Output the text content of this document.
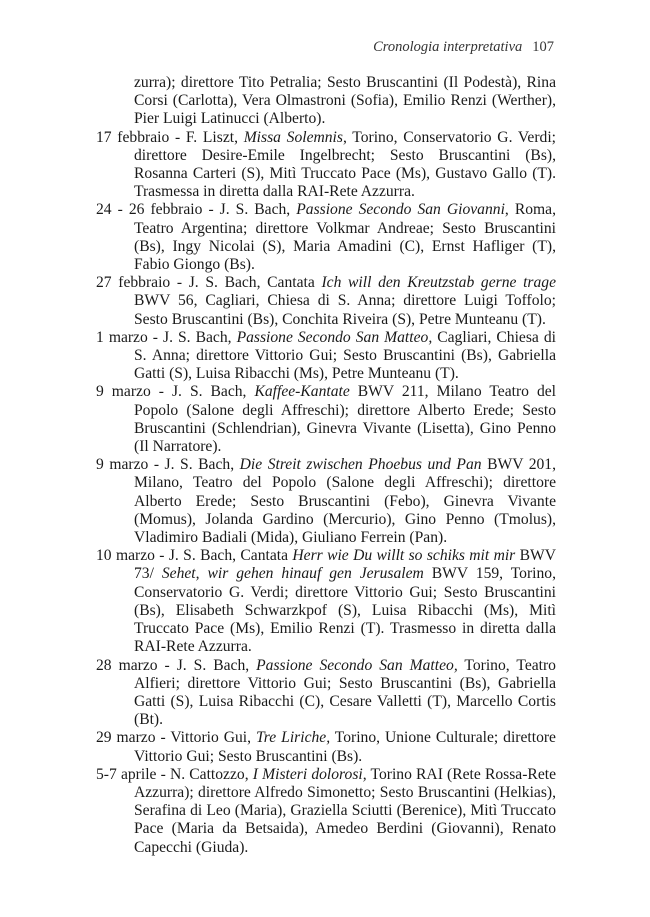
Cronologia interpretativa 107

zurra); direttore Tito Petralia; Sesto Bruscantini (Il Podestà), Rina Corsi (Carlotta), Vera Olmastroni (Sofia), Emilio Renzi (Werther), Pier Luigi Latinucci (Alberto).

17 febbraio - F. Liszt, Missa Solemnis, Torino, Conservatorio G. Verdi; direttore Desire-Emile Ingelbrecht; Sesto Bruscantini (Bs), Rosanna Carteri (S), Mitì Truccato Pace (Ms), Gustavo Gallo (T). Trasmessa in diretta dalla RAI-Rete Azzurra.

24 - 26 febbraio - J. S. Bach, Passione Secondo San Giovanni, Roma, Teatro Argentina; direttore Volkmar Andreae; Sesto Bruscantini (Bs), Ingy Nicolai (S), Maria Amadini (C), Ernst Hafliger (T), Fabio Giongo (Bs).

27 febbraio - J. S. Bach, Cantata Ich will den Kreutzstab gerne trage BWV 56, Cagliari, Chiesa di S. Anna; direttore Luigi Toffolo; Sesto Bruscantini (Bs), Conchita Riveira (S), Petre Munteanu (T).

1 marzo - J. S. Bach, Passione Secondo San Matteo, Cagliari, Chiesa di S. Anna; direttore Vittorio Gui; Sesto Bruscantini (Bs), Gabriella Gatti (S), Luisa Ribacchi (Ms), Petre Munteanu (T).

9 marzo - J. S. Bach, Kaffee-Kantate BWV 211, Milano Teatro del Popolo (Salone degli Affreschi); direttore Alberto Erede; Sesto Bruscantini (Schlendrian), Ginevra Vivante (Lisetta), Gino Penno (Il Narratore).

9 marzo - J. S. Bach, Die Streit zwischen Phoebus und Pan BWV 201, Milano, Teatro del Popolo (Salone degli Affreschi); direttore Alberto Erede; Sesto Bruscantini (Febo), Ginevra Vivante (Momus), Jolanda Gardino (Mercurio), Gino Penno (Tmolus), Vladimiro Badiali (Mida), Giuliano Ferrein (Pan).

10 marzo - J. S. Bach, Cantata Herr wie Du willt so schiks mit mir BWV 73/ Sehet, wir gehen hinauf gen Jerusalem BWV 159, Torino, Conservatorio G. Verdi; direttore Vittorio Gui; Sesto Bruscantini (Bs), Elisabeth Schwarzkpof (S), Luisa Ribacchi (Ms), Mitì Truccato Pace (Ms), Emilio Renzi (T). Trasmesso in diretta dalla RAI-Rete Azzurra.

28 marzo - J. S. Bach, Passione Secondo San Matteo, Torino, Teatro Alfieri; direttore Vittorio Gui; Sesto Bruscantini (Bs), Gabriella Gatti (S), Luisa Ribacchi (C), Cesare Valletti (T), Marcello Cortis (Bt).

29 marzo - Vittorio Gui, Tre Liriche, Torino, Unione Culturale; direttore Vittorio Gui; Sesto Bruscantini (Bs).

5-7 aprile - N. Cattozzo, I Misteri dolorosi, Torino RAI (Rete Rossa-Rete Azzurra); direttore Alfredo Simonetto; Sesto Bruscantini (Helkias), Serafina di Leo (Maria), Graziella Sciutti (Berenice), Mitì Truccato Pace (Maria da Betsaida), Amedeo Berdini (Giovanni), Renato Capecchi (Giuda).
